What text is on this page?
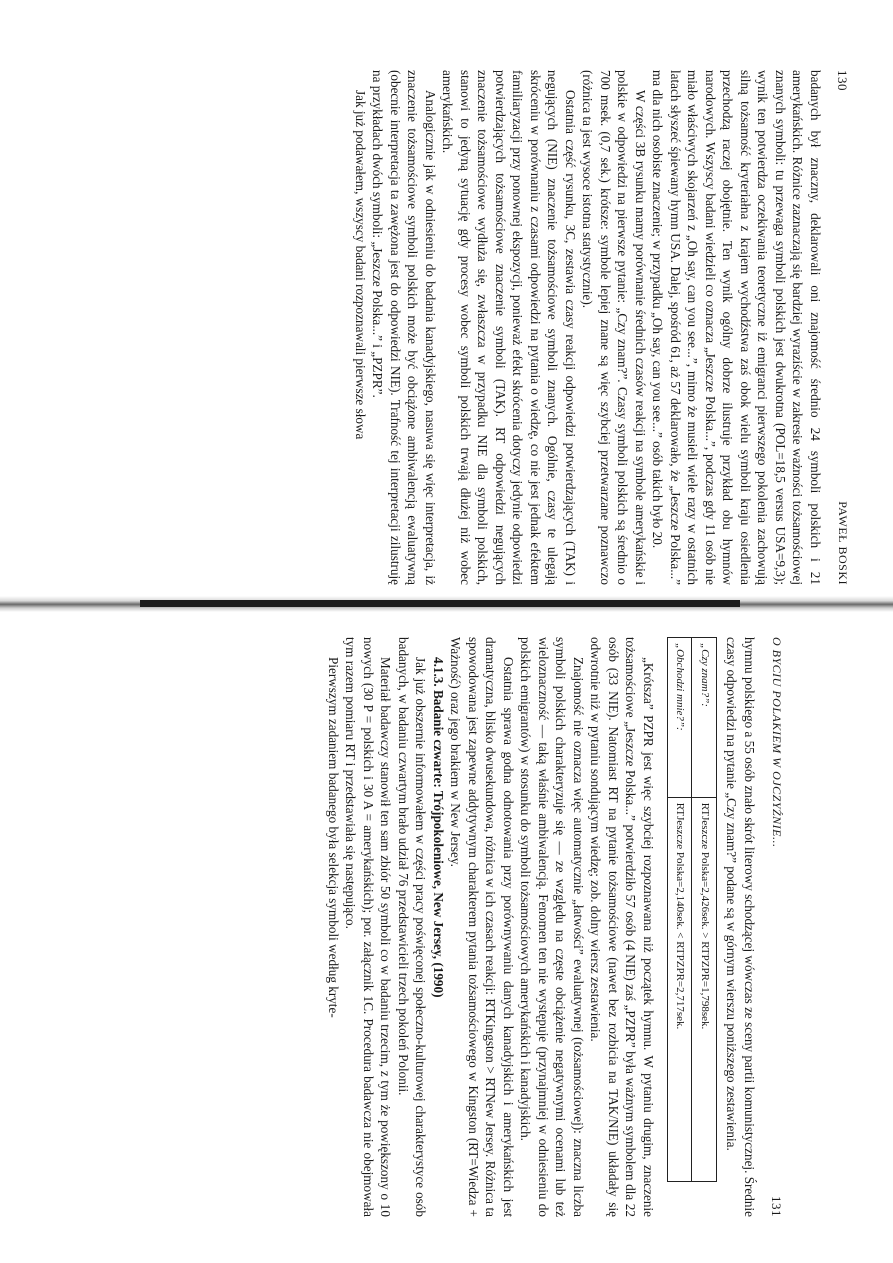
130
PAWEŁ BOSKI

badanych był znaczny, deklarowali oni znajomość średnio 24 symboli polskich i 21 amerykańskich. Różnice zaznaczają się bardziej wyraziście w zakresie ważności tożsamościowej znanych symboli: tu przewaga symboli polskich jest dwukrotna (POL=18,5 versus USA=9,3); wynik ten potwierdza oczekiwania teoretyczne iż emigranci pierwszego pokolenia zachowują silną tożsamość kryteriałna z krajem wychodźstwa zaś obok wielu symboli kraju osiedlenia przechodzą raczej obojętnie. Ten wynik ogólny dobrze ilustruje przykład obu hymnów narodowych. Wszyscy badani wiedzieli co oznacza „Jeszcze Polska...”, podczas gdy 11 osób nie miało właściwych skojarzeń z „Oh say, can you see...”, mimo że musieli wiele razy w ostatnich latach słyszeć śpiewany hymn USA. Dalej, spośród 61, aż 57 deklarowało, że „Jeszcze Polska...” ma dla nich osobiste znaczenie; w przypadku „Oh say, can you see...” osób takich było 20.

W części 3B rysunku mamy porównanie średnich czasów reakcji na symbole amerykańskie i polskie w odpowiedzi na pierwsze pytanie: „Czy znam?”. Czasy symboli polskich są średnio o 700 msek. (0,7 sek.) krótsze: symbole lepiej znane są więc szybciej przetwarzane poznawczo (różnica ta jest wysoce istotna statystycznie).

Ostatnia część rysunku, 3C, zestawia czasy reakcji odpowiedzi potwierdzających (TAK) i negujących (NIE) znaczenie tożsamościowe symboli znanych. Ogólnie, czasy te ulegają skróceniu w porównaniu z czasami odpowiedzi na pytania o wiedzę, co nie jest jednak efektem familiaryzacji przy ponownej ekspozycji, ponieważ efekt skrócenia dotyczy jedynie odpowiedzi potwierdzających tożsamościowe znaczenie symboli (TAK). RT odpowiedzi negujących znaczenie tożsamościowe wydłuża się, zwłaszcza w przypadku NIE dla symboli polskich, stanowi to jedyną sytuację gdy procesy wobec symboli polskich trwają dłużej niż wobec amerykańskich.

Analogicznie jak w odniesieniu do badania kanadyjskiego, nasuwa się więc interpretacja, iż znaczenie tożsamościowe symboli polskich może być obciążone ambiwalencją ewaluatywną (obecnie interpretacja ta zawężona jest do odpowiedzi NIE). Trafność tej interpretacji zilustruję na przykładach dwóch symboli: „Jeszcze Polska...” i „PZPR”.

Jak już podawałem, wszyscy badani rozpoznawali pierwsze słowa

O BYCIU POLAKIEM W OJCZYŹNIE...
131

hymnu polskiego a 55 osób znało skrót literowy schodzącej wówczas ze sceny partii komunistycznej. Średnie czasy odpowiedzi na pytanie „Czy znam?” podane są w górnym wierszu poniższego zestawienia.

„Czy znam?”:	RTJeszcze Polska=2,426sek. > RTPZPR=1,798sek.
„Obchodzi mnie?”:	RTJeszcze Polska=2,140sek. < RTPZPR=2,717sek.

„Krótsza” PZPR jest więc szybciej rozpoznawana niż początek hymnu. W pytaniu drugim, znaczenie tożsamościowe „Jeszcze Polska...” potwierdziło 57 osób (4 NIE) zaś „PZPR” była ważnym symbolem dla 22 osób (33 NIE). Natomiast RT na pytanie tożsamościowe (nawet bez rozbicia na TAK/NIE) układały się odwrotnie niż w pytaniu sondującym wiedzę; zob. dolny wiersz zestawienia.

Znajomość nie oznacza więc automatycznie „łatwości” ewaluatywnej (tożsamościowej): znaczna liczba symboli polskich charakteryzuje się — ze względu na częste obciążenie negatywnymi ocenami lub też wieloznaczność — taką właśnie ambiwalencją. Fenomen ten nie występuje (przynajmniej w odniesieniu do polskich emigrantów) w stosunku do symboli tożsamościowych amerykańskich i kanadyjskich.

Ostatnia sprawa godna odnotowania przy porównywaniu danych kanadyjskich i amerykańskich jest dramatyczna, blisko dwusekundowa, różnica w ich czasach reakcji: RTKingston > RTNew Jersey. Różnica ta spowodowana jest zapewne addytywnym charakterem pytania tożsamościowego w Kingston (RT=Wiedza + Ważność) oraz jego brakiem w New Jersey.

4.1.3. Badanie czwarte: Trójpokoleniowe, New Jersey, (1990)

Jak już obszernie informowałem w części pracy poświęconej społeczno-kulturowej charakterystyce osób badanych, w badaniu czwartym brało udział 76 przedstawicieli trzech pokoleń Polonii.

Materiał badawczy stanowił ten sam zbiór 50 symboli co w badaniu trzecim, z tym że powiększony o 10 nowych (30 P = polskich i 30 A = amerykańskich); por. załącznik 1C. Procedura badawcza nie obejmowała tym razem pomiaru RT i przedstawiała się następująco.

Pierwszym zadaniem badanego była selekcja symboli według kryte-
